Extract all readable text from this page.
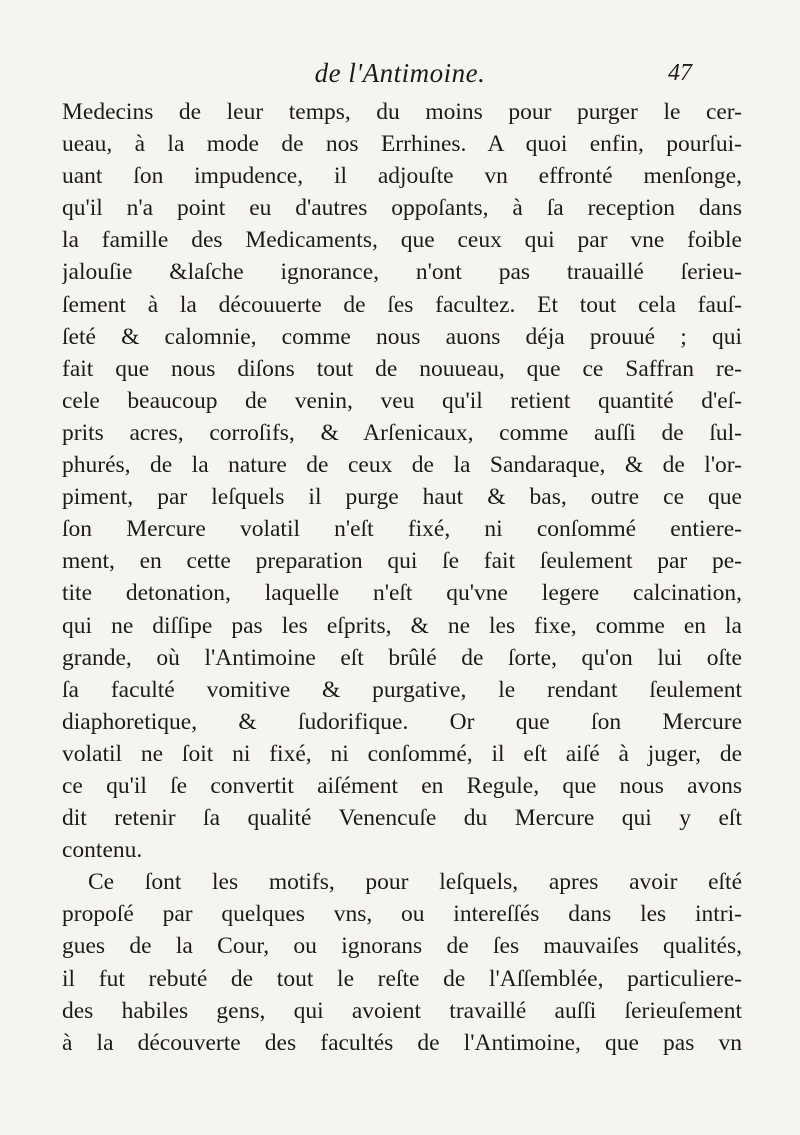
de l'Antimoine.	47
Medecins de leur temps, du moins pour purger le cer-
ueau, à la mode de nos Errhines. A quoi enfin, pourſui-
uant ſon impudence, il adjouſte vn effronté menſonge,
qu'il n'a point eu d'autres oppoſants, à ſa reception dans
la famille des Medicaments, que ceux qui par vne foible
jalouſie &laſche ignorance, n'ont pas trauaillé ſerieu-
ſement à la découuerte de ſes facultez. Et tout cela fauſ-
ſeté & calomnie, comme nous auons déja prouué ; qui
fait que nous diſons tout de nouueau, que ce Saffran re-
cele beaucoup de venin, veu qu'il retient quantité d'eſ-
prits acres, corroſifs, & Arſenicaux, comme auſſi de ſul-
phurés, de la nature de ceux de la Sandaraque, & de l'or-
piment, par leſquels il purge haut & bas, outre ce que
ſon Mercure volatil n'eſt fixé, ni conſommé entiere-
ment, en cette preparation qui ſe fait ſeulement par pe-
tite detonation, laquelle n'eſt qu'vne legere calcination,
qui ne diſſipe pas les eſprits, & ne les fixe, comme en la
grande, où l'Antimoine eſt brûlé de ſorte, qu'on lui oſte
ſa faculté vomitive & purgative, le rendant ſeulement
diaphoretique, & ſudorifique. Or que ſon Mercure
volatil ne ſoit ni fixé, ni conſommé, il eſt aiſé à juger, de
ce qu'il ſe convertit aiſément en Regule, que nous avons
dit retenir ſa qualité Venencuſe du Mercure qui y eſt
contenu.
Ce ſont les motifs, pour leſquels, apres avoir eſté
propoſé par quelques vns, ou intereſſés dans les intri-
gues de la Cour, ou ignorans de ſes mauvaiſes qualités,
il fut rebuté de tout le reſte de l'Aſſemblée, particuliere-
des habiles gens, qui avoient travaillé auſſi ſerieuſement
à la découverte des facultés de l'Antimoine, que pas vn
